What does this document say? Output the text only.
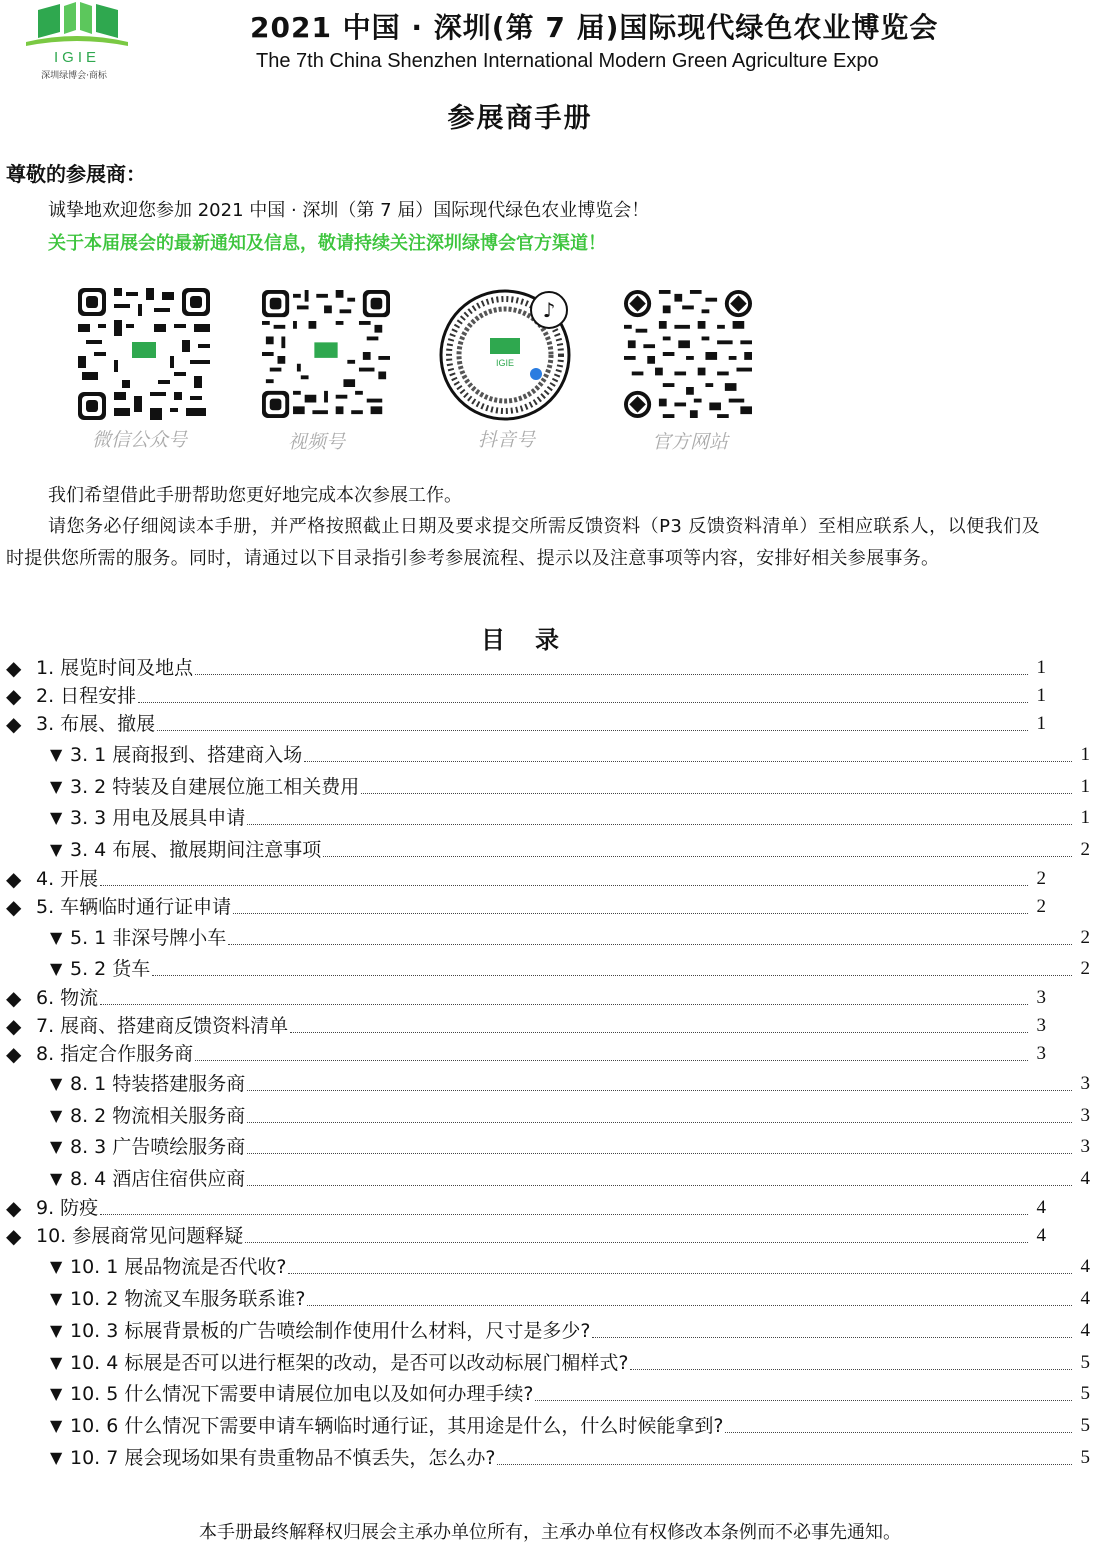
IGIE
深圳绿博会·商标
2021 中国 · 深圳(第 7 届)国际现代绿色农业博览会
The 7th China Shenzhen International Modern Green Agriculture Expo
参展商手册
尊敬的参展商：
诚挚地欢迎您参加 2021 中国 · 深圳（第 7 届）国际现代绿色农业博览会！
关于本届展会的最新通知及信息，敬请持续关注深圳绿博会官方渠道！
微信公众号	视频号
IGIE
♪
抖音号	官方网站
我们希望借此手册帮助您更好地完成本次参展工作。
请您务必仔细阅读本手册，并严格按照截止日期及要求提交所需反馈资料（P3 反馈资料清单）至相应联系人，以便我们及时提供您所需的服务。同时，请通过以下目录指引参考参展流程、提示以及注意事项等内容，安排好相关参展事务。
目录
◆ 1. 展览时间及地点	1
◆ 2. 日程安排	1
◆ 3. 布展、撤展	1
▼ 3. 1 展商报到、搭建商入场	1
▼ 3. 2 特装及自建展位施工相关费用	1
▼ 3. 3 用电及展具申请	1
▼ 3. 4 布展、撤展期间注意事项	2
◆ 4. 开展	2
◆ 5. 车辆临时通行证申请	2
▼ 5. 1 非深号牌小车	2
▼ 5. 2 货车	2
◆ 6. 物流	3
◆ 7. 展商、搭建商反馈资料清单	3
◆ 8. 指定合作服务商	3
▼ 8. 1 特装搭建服务商	3
▼ 8. 2 物流相关服务商	3
▼ 8. 3 广告喷绘服务商	3
▼ 8. 4 酒店住宿供应商	4
◆ 9. 防疫	4
◆ 10. 参展商常见问题释疑	4
▼ 10. 1 展品物流是否代收?	4
▼ 10. 2 物流叉车服务联系谁?	4
▼ 10. 3 标展背景板的广告喷绘制作使用什么材料，尺寸是多少?	4
▼ 10. 4 标展是否可以进行框架的改动，是否可以改动标展门楣样式?	5
▼ 10. 5 什么情况下需要申请展位加电以及如何办理手续?	5
▼ 10. 6 什么情况下需要申请车辆临时通行证，其用途是什么，什么时候能拿到?	5
▼ 10. 7 展会现场如果有贵重物品不慎丢失，怎么办?	5
本手册最终解释权归展会主承办单位所有，主承办单位有权修改本条例而不必事先通知。
